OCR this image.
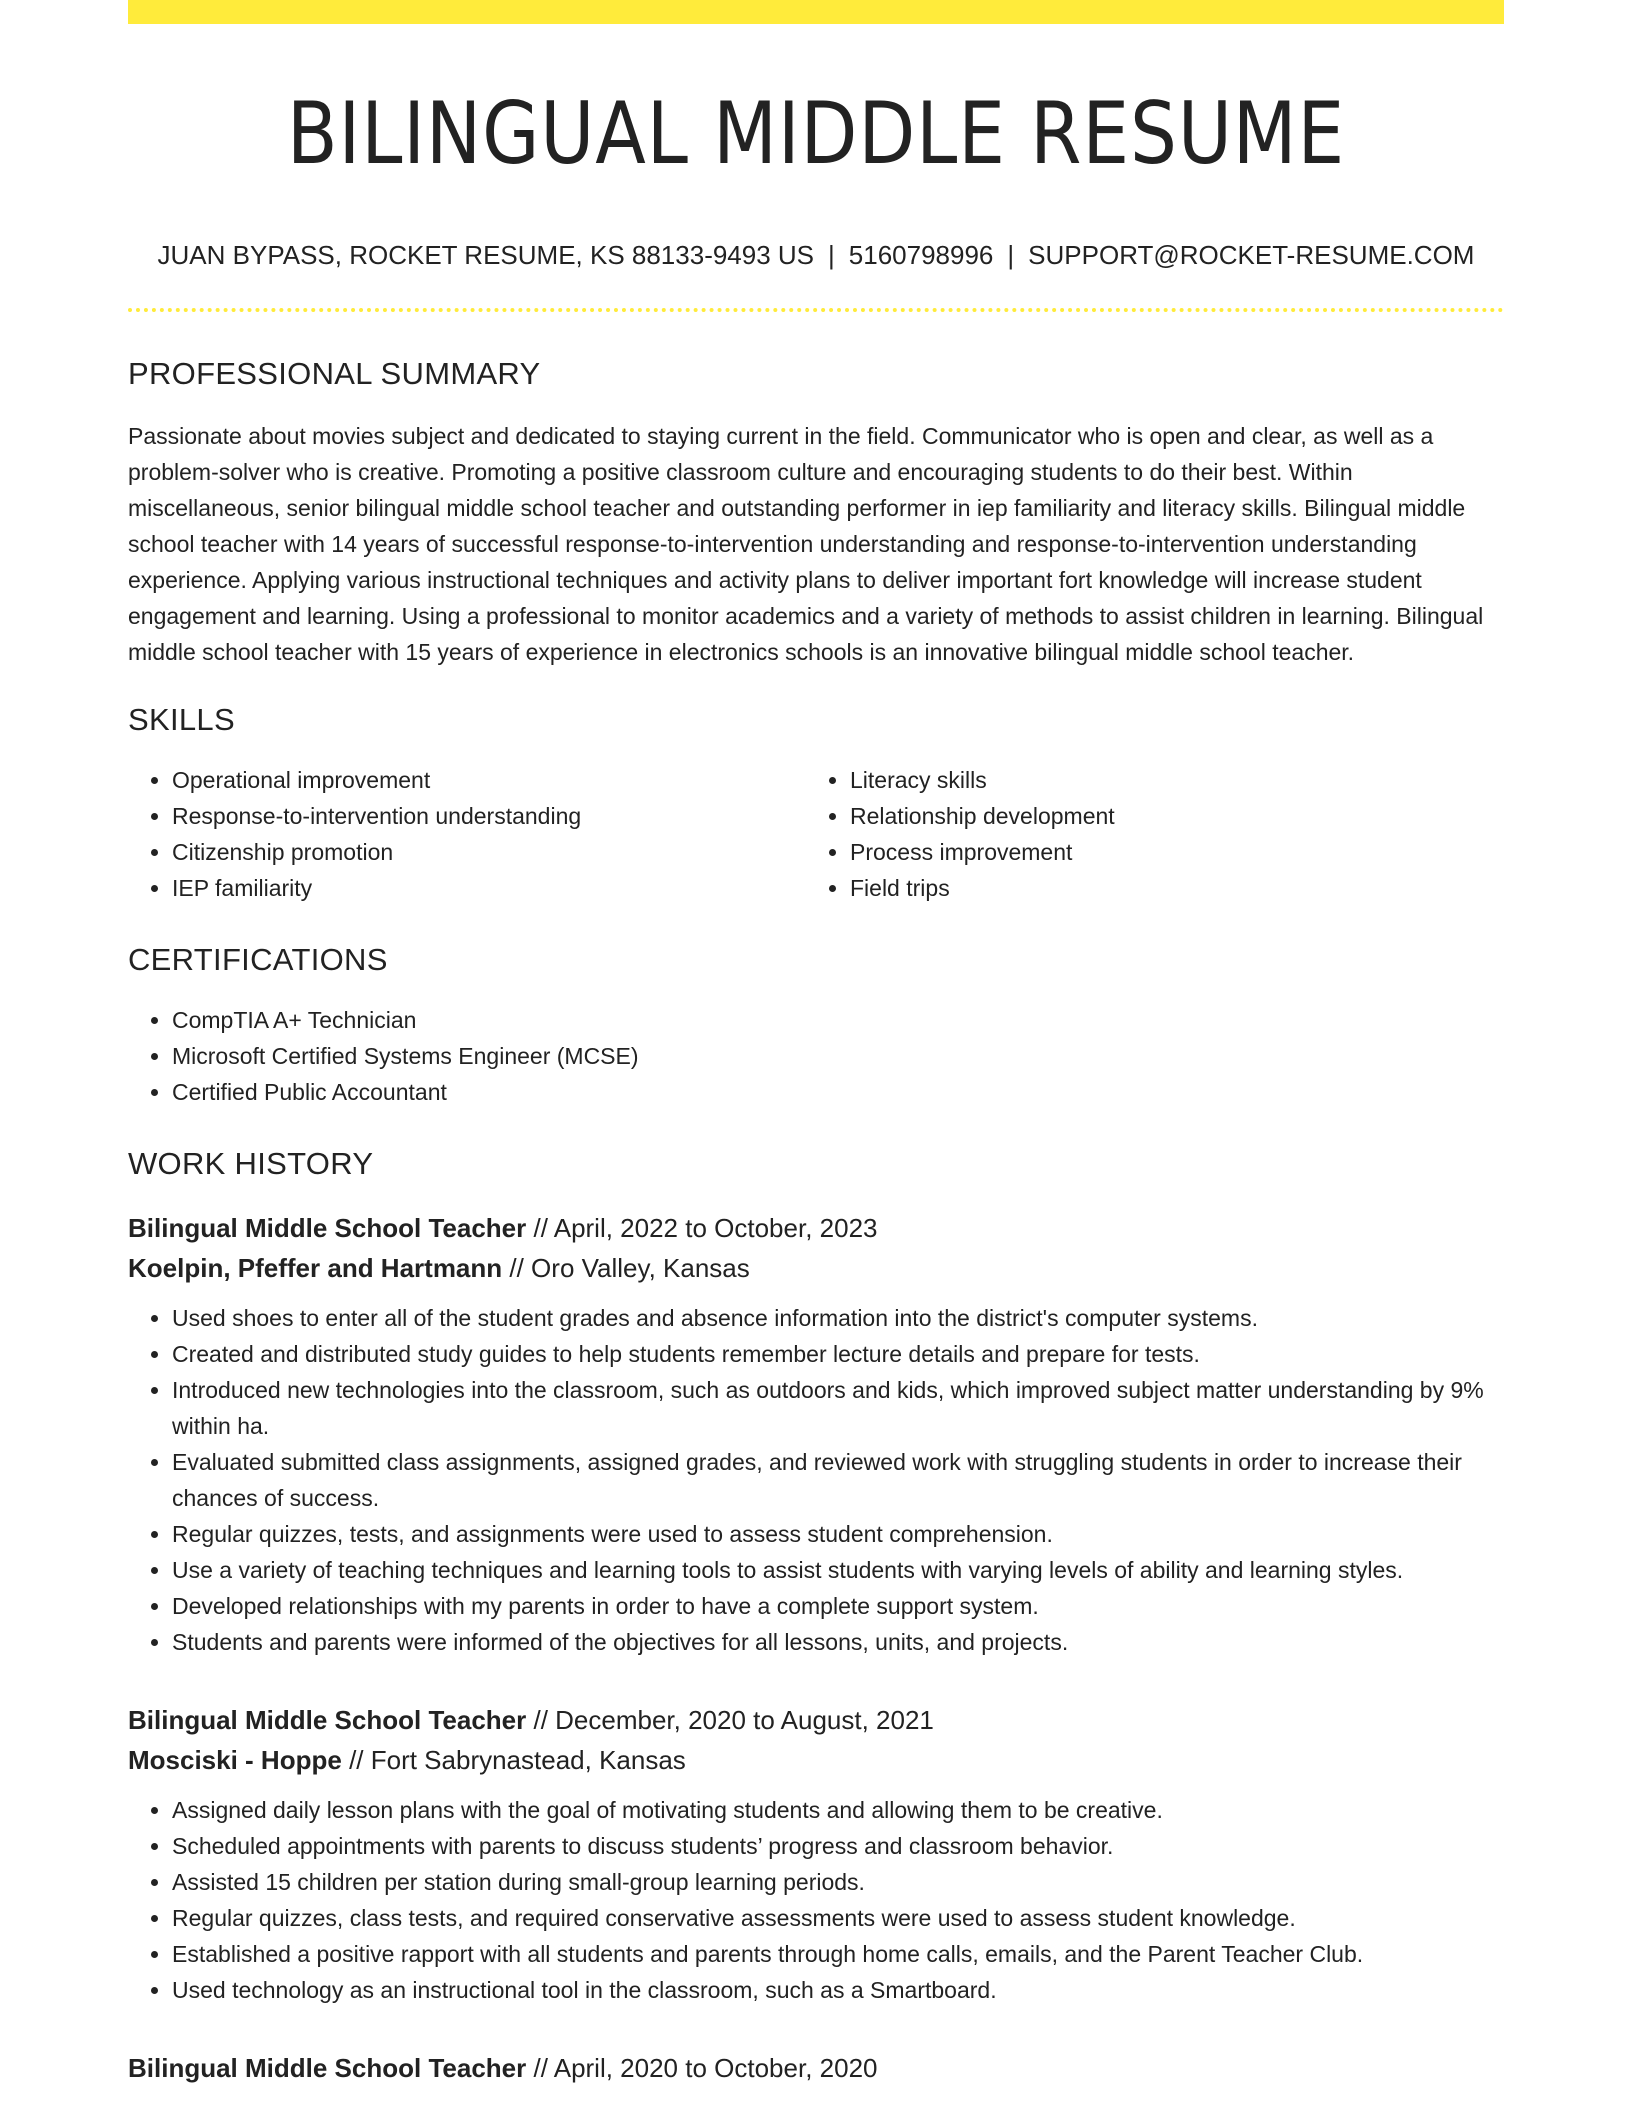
BILINGUAL MIDDLE RESUME
JUAN BYPASS, ROCKET RESUME, KS 88133-9493 US | 5160798996 | SUPPORT@ROCKET-RESUME.COM
PROFESSIONAL SUMMARY
Passionate about movies subject and dedicated to staying current in the field. Communicator who is open and clear, as well as a problem-solver who is creative. Promoting a positive classroom culture and encouraging students to do their best. Within miscellaneous, senior bilingual middle school teacher and outstanding performer in iep familiarity and literacy skills. Bilingual middle school teacher with 14 years of successful response-to-intervention understanding and response-to-intervention understanding experience. Applying various instructional techniques and activity plans to deliver important fort knowledge will increase student engagement and learning. Using a professional to monitor academics and a variety of methods to assist children in learning. Bilingual middle school teacher with 15 years of experience in electronics schools is an innovative bilingual middle school teacher.
SKILLS
• Operational improvement
• Response-to-intervention understanding
• Citizenship promotion
• IEP familiarity
• Literacy skills
• Relationship development
• Process improvement
• Field trips
CERTIFICATIONS
• CompTIA A+ Technician
• Microsoft Certified Systems Engineer (MCSE)
• Certified Public Accountant
WORK HISTORY
Bilingual Middle School Teacher // April, 2022 to October, 2023
Koelpin, Pfeffer and Hartmann // Oro Valley, Kansas
• Used shoes to enter all of the student grades and absence information into the district's computer systems.
• Created and distributed study guides to help students remember lecture details and prepare for tests.
• Introduced new technologies into the classroom, such as outdoors and kids, which improved subject matter understanding by 9% within ha.
• Evaluated submitted class assignments, assigned grades, and reviewed work with struggling students in order to increase their chances of success.
• Regular quizzes, tests, and assignments were used to assess student comprehension.
• Use a variety of teaching techniques and learning tools to assist students with varying levels of ability and learning styles.
• Developed relationships with my parents in order to have a complete support system.
• Students and parents were informed of the objectives for all lessons, units, and projects.
Bilingual Middle School Teacher // December, 2020 to August, 2021
Mosciski - Hoppe // Fort Sabrynastead, Kansas
• Assigned daily lesson plans with the goal of motivating students and allowing them to be creative.
• Scheduled appointments with parents to discuss students’ progress and classroom behavior.
• Assisted 15 children per station during small-group learning periods.
• Regular quizzes, class tests, and required conservative assessments were used to assess student knowledge.
• Established a positive rapport with all students and parents through home calls, emails, and the Parent Teacher Club.
• Used technology as an instructional tool in the classroom, such as a Smartboard.
Bilingual Middle School Teacher // April, 2020 to October, 2020
